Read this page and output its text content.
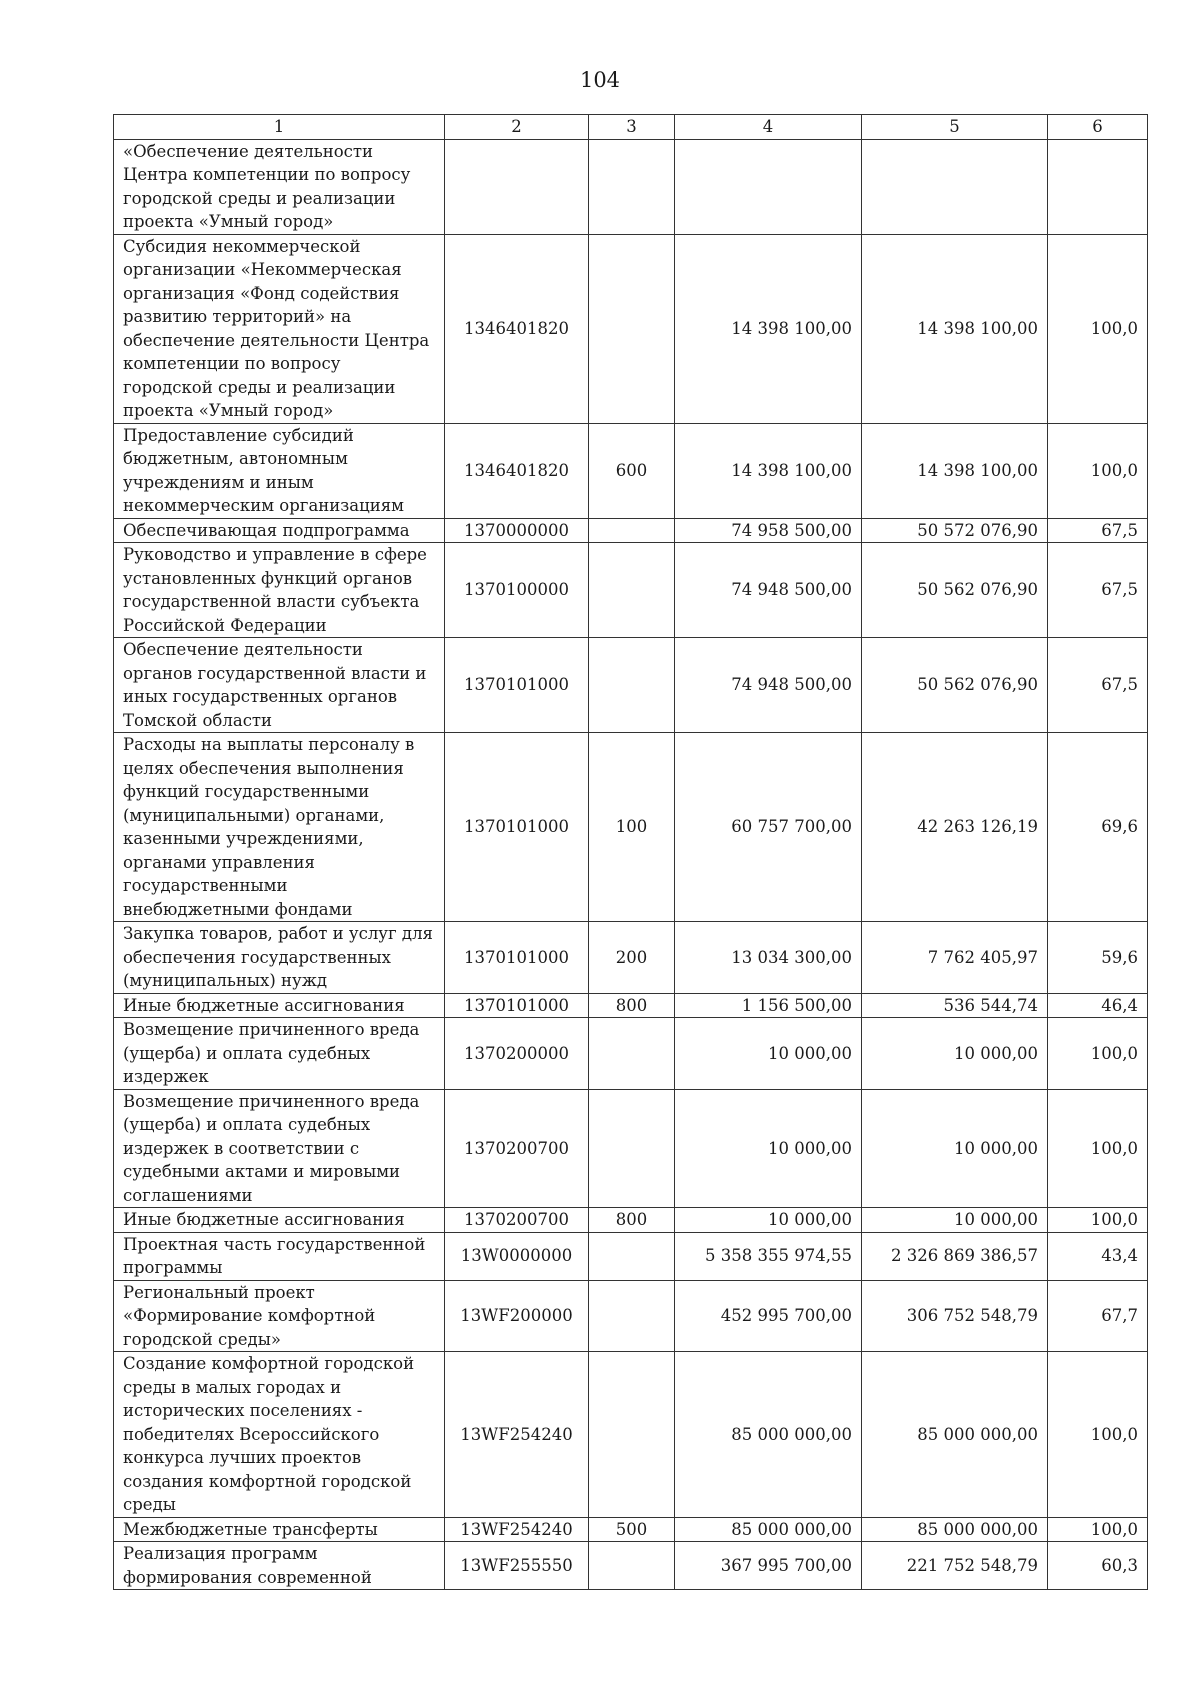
104
1	2	3	4	5	6
«Обеспечение деятельности Центра компетенции по вопросу городской среды и реализации проекта «Умный город»					
Субсидия некоммерческой организации «Некоммерческая организация «Фонд содействия развитию территорий» на обеспечение деятельности Центра компетенции по вопросу городской среды и реализации проекта «Умный город»	1346401820		14 398 100,00	14 398 100,00	100,0
Предоставление субсидий бюджетным, автономным учреждениям и иным некоммерческим организациям	1346401820	600	14 398 100,00	14 398 100,00	100,0
Обеспечивающая подпрограмма	1370000000		74 958 500,00	50 572 076,90	67,5
Руководство и управление в сфере установленных функций органов государственной власти субъекта Российской Федерации	1370100000		74 948 500,00	50 562 076,90	67,5
Обеспечение деятельности органов государственной власти и иных государственных органов Томской области	1370101000		74 948 500,00	50 562 076,90	67,5
Расходы на выплаты персоналу в целях обеспечения выполнения функций государственными (муниципальными) органами, казенными учреждениями, органами управления государственными внебюджетными фондами	1370101000	100	60 757 700,00	42 263 126,19	69,6
Закупка товаров, работ и услуг для обеспечения государственных (муниципальных) нужд	1370101000	200	13 034 300,00	7 762 405,97	59,6
Иные бюджетные ассигнования	1370101000	800	1 156 500,00	536 544,74	46,4
Возмещение причиненного вреда (ущерба) и оплата судебных издержек	1370200000		10 000,00	10 000,00	100,0
Возмещение причиненного вреда (ущерба) и оплата судебных издержек в соответствии с судебными актами и мировыми соглашениями	1370200700		10 000,00	10 000,00	100,0
Иные бюджетные ассигнования	1370200700	800	10 000,00	10 000,00	100,0
Проектная часть государственной программы	13W0000000		5 358 355 974,55	2 326 869 386,57	43,4
Региональный проект «Формирование комфортной городской среды»	13WF200000		452 995 700,00	306 752 548,79	67,7
Создание комфортной городской среды в малых городах и исторических поселениях - победителях Всероссийского конкурса лучших проектов создания комфортной городской среды	13WF254240		85 000 000,00	85 000 000,00	100,0
Межбюджетные трансферты	13WF254240	500	85 000 000,00	85 000 000,00	100,0
Реализация программ формирования современной	13WF255550		367 995 700,00	221 752 548,79	60,3
